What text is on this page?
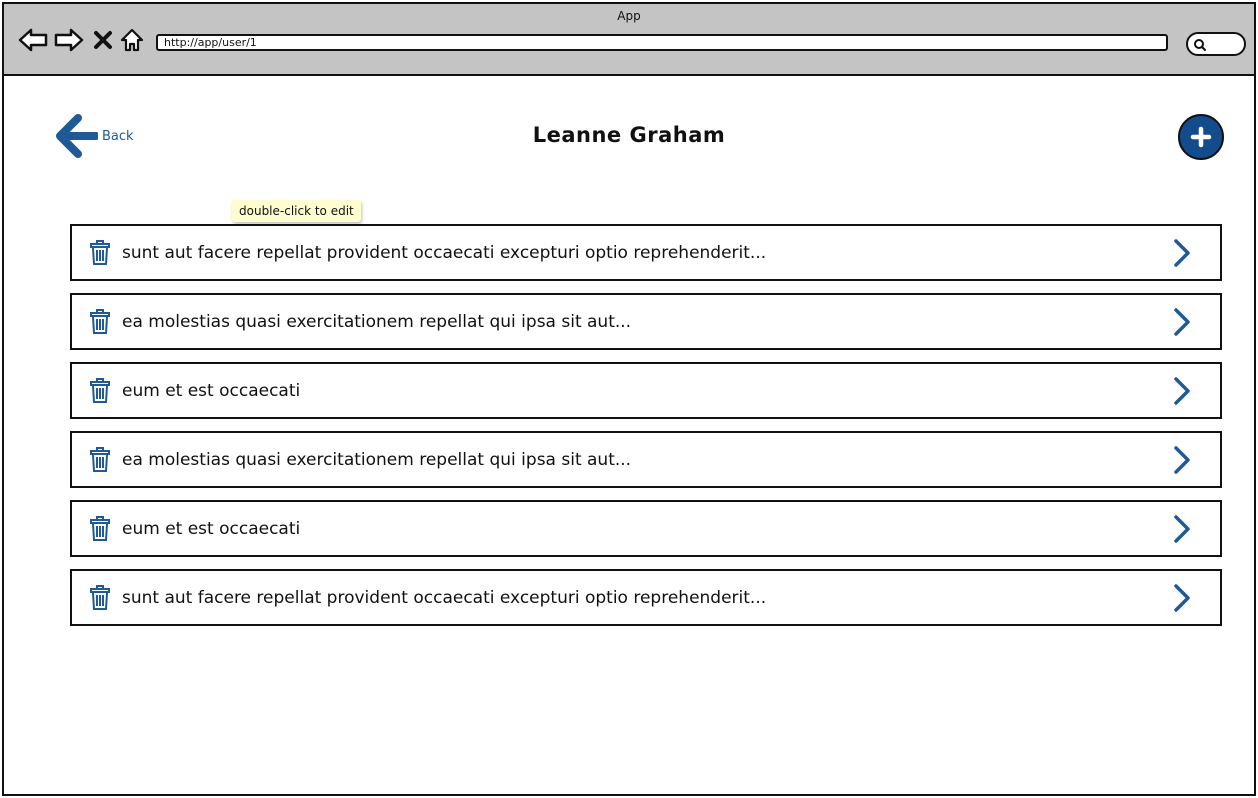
App
http://app/user/1
Back	Leanne Graham
double-click to edit
sunt aut facere repellat provident occaecati excepturi optio reprehenderit...
ea molestias quasi exercitationem repellat qui ipsa sit aut...
eum et est occaecati
ea molestias quasi exercitationem repellat qui ipsa sit aut...
eum et est occaecati
sunt aut facere repellat provident occaecati excepturi optio reprehenderit...
